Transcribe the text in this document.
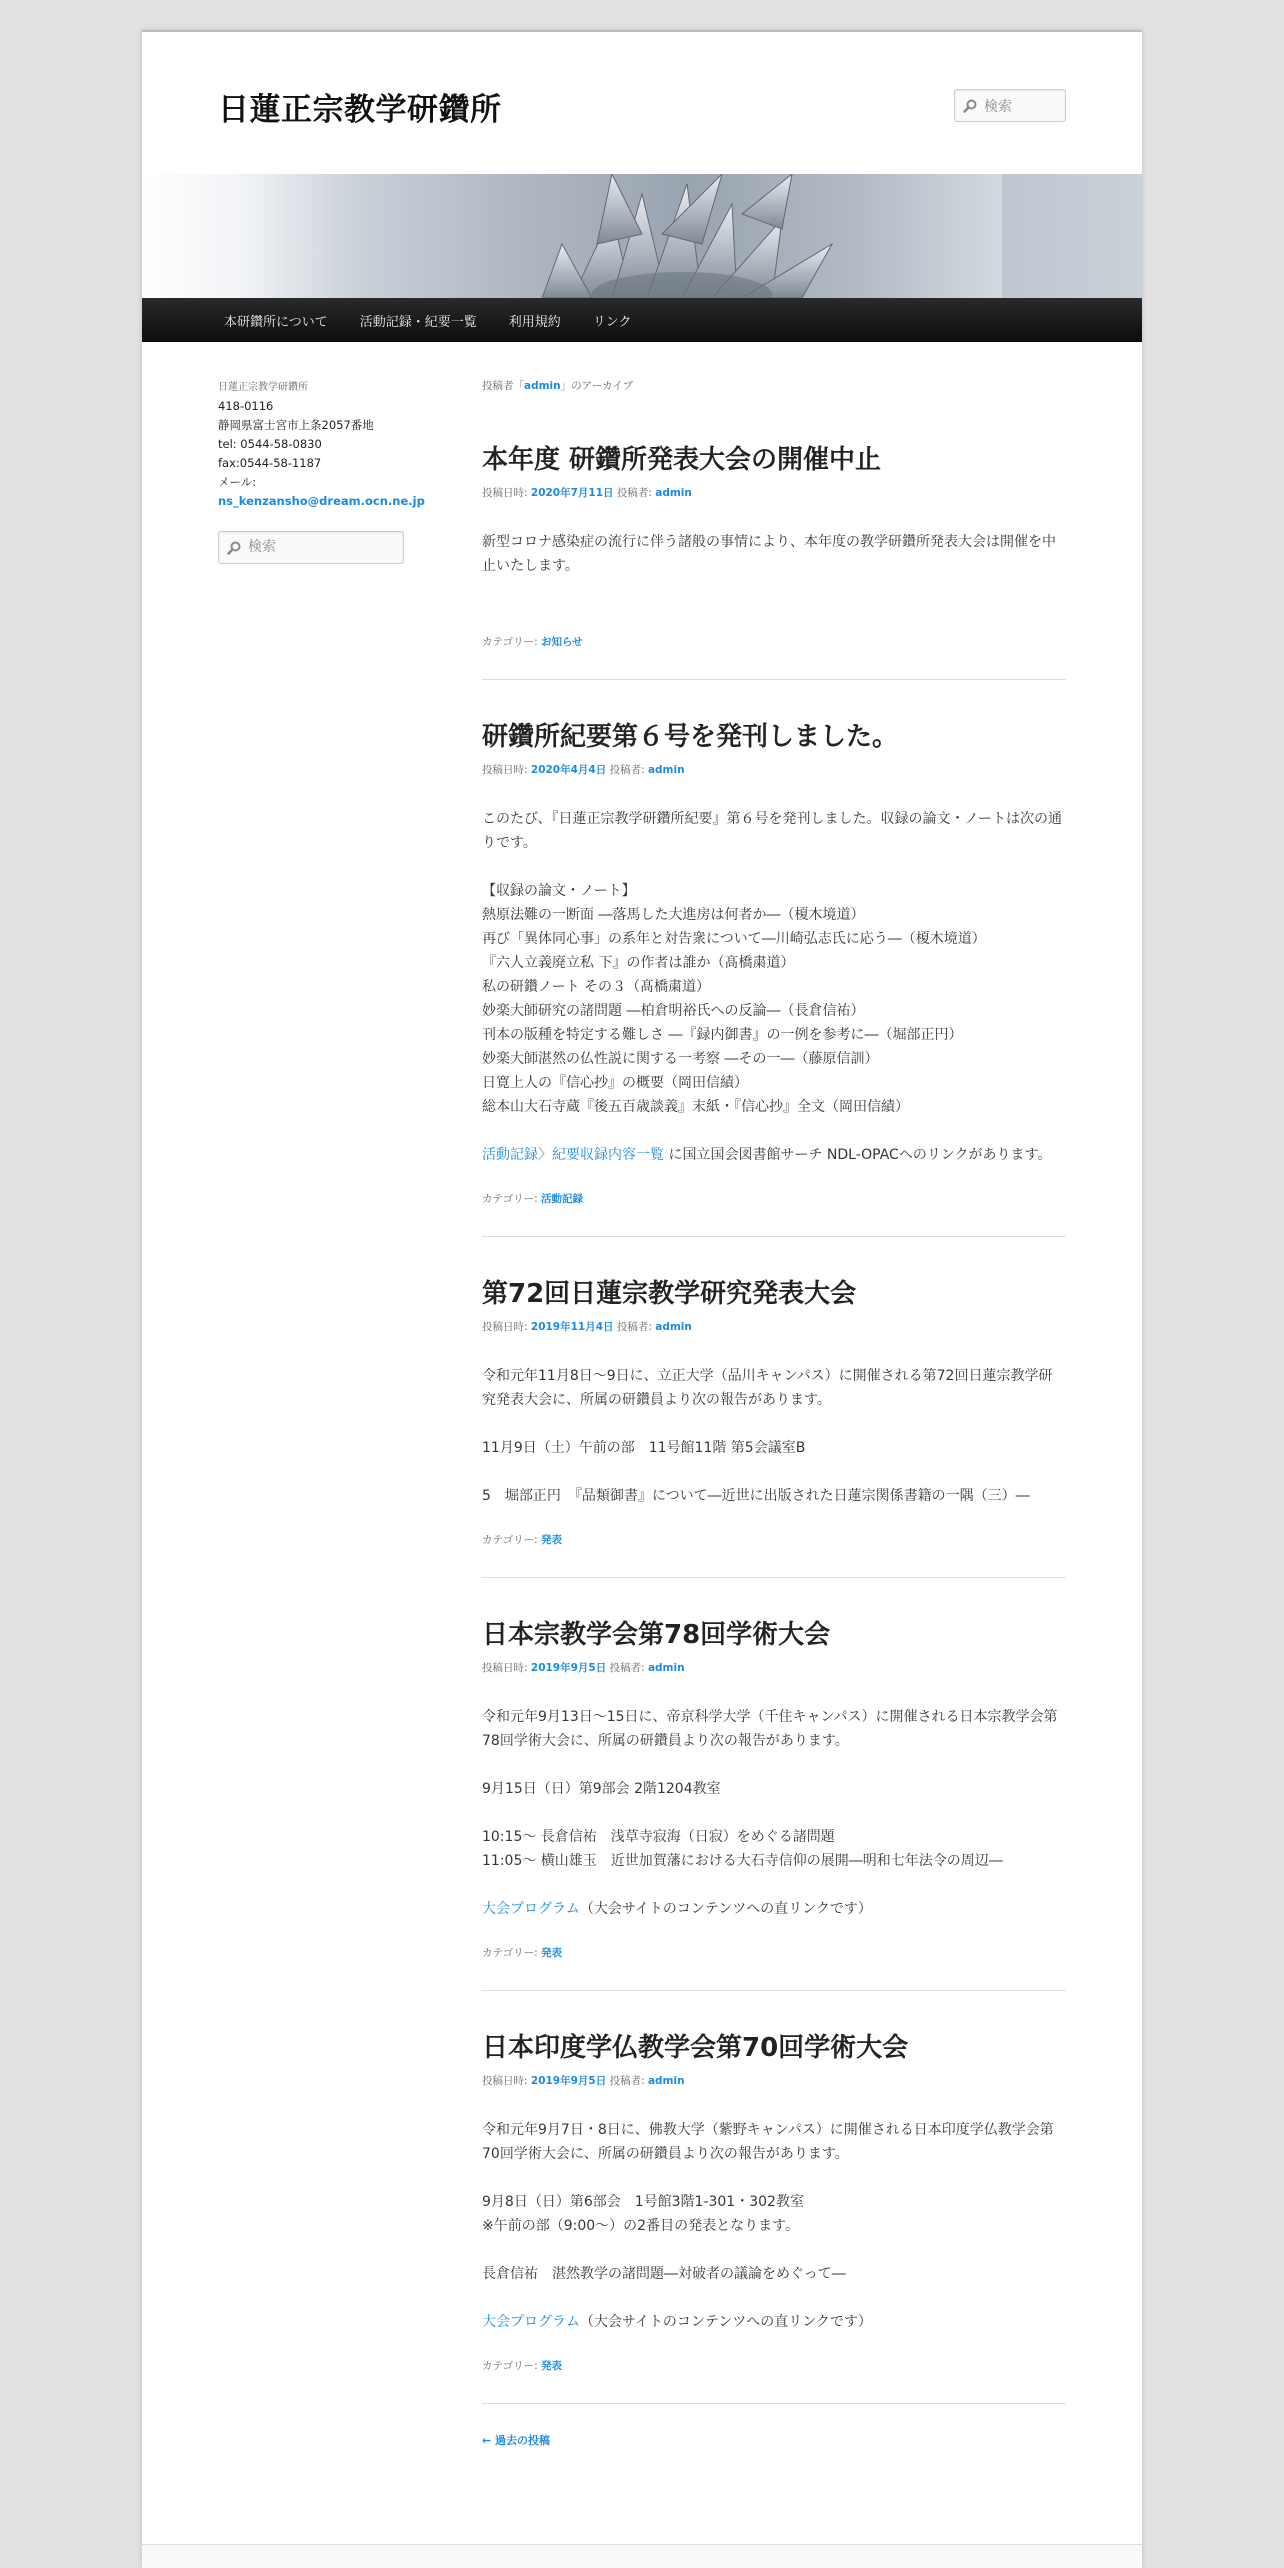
日蓮正宗教学研鑽所	検索
本研鑽所について	活動記録・紀要一覧	利用規約	リンク
日蓮正宗教学研鑽所
418-0116
静岡県富士宮市上条2057番地
tel: 0544-58-0830
fax:0544-58-1187
メール:
ns_kenzansho@dream.ocn.ne.jp
検索
投稿者「admin」のアーカイブ
本年度 研鑽所発表大会の開催中止
投稿日時: 2020年7月11日 投稿者: admin

新型コロナ感染症の流行に伴う諸般の事情により、本年度の教学研鑽所発表大会は開催を中止いたします。

カテゴリー: お知らせ
研鑽所紀要第６号を発刊しました。
投稿日時: 2020年4月4日 投稿者: admin

このたび、『日蓮正宗教学研鑽所紀要』第６号を発刊しました。収録の論文・ノートは次の通りです。

【収録の論文・ノート】
熱原法難の一断面 ―落馬した大進房は何者か―（榎木境道）
再び「異体同心事」の系年と対告衆について―川崎弘志氏に応う―（榎木境道）
『六人立義廃立私 下』の作者は誰か（髙橋粛道）
私の研鑽ノート その３（髙橋粛道）
妙楽大師研究の諸問題 ―柏倉明裕氏への反論―（長倉信祐）
刊本の版種を特定する難しさ ―『録内御書』の一例を参考に―（堀部正円）
妙楽大師湛然の仏性説に関する一考察 ―その一―（藤原信訓）
日寛上人の『信心抄』の概要（岡田信績）
総本山大石寺蔵『後五百歳談義』末紙・『信心抄』全文（岡田信績）

活動記録〉紀要収録内容一覧 に国立国会図書館サーチ NDL-OPACへのリンクがあります。

カテゴリー: 活動記録
第72回日蓮宗教学研究発表大会
投稿日時: 2019年11月4日 投稿者: admin

令和元年11月8日～9日に、立正大学（品川キャンパス）に開催される第72回日蓮宗教学研究発表大会に、所属の研鑽員より次の報告があります。

11月9日（土）午前の部　11号館11階 第5会議室B

5　堀部正円　『品類御書』について―近世に出版された日蓮宗関係書籍の一隅（三）―

カテゴリー: 発表
日本宗教学会第78回学術大会
投稿日時: 2019年9月5日 投稿者: admin

令和元年9月13日～15日に、帝京科学大学（千住キャンパス）に開催される日本宗教学会第78回学術大会に、所属の研鑽員より次の報告があります。

9月15日（日）第9部会 2階1204教室

10:15～ 長倉信祐　浅草寺寂海（日寂）をめぐる諸問題
11:05～ 横山雄玉　近世加賀藩における大石寺信仰の展開―明和七年法令の周辺―

大会プログラム（大会サイトのコンテンツへの直リンクです）

カテゴリー: 発表
日本印度学仏教学会第70回学術大会
投稿日時: 2019年9月5日 投稿者: admin

令和元年9月7日・8日に、佛教大学（紫野キャンパス）に開催される日本印度学仏教学会第70回学術大会に、所属の研鑽員より次の報告があります。

9月8日（日）第6部会　1号館3階1-301・302教室
※午前の部（9:00～）の2番目の発表となります。

長倉信祐　湛然教学の諸問題―対破者の議論をめぐって―

大会プログラム（大会サイトのコンテンツへの直リンクです）

カテゴリー: 発表
← 過去の投稿
